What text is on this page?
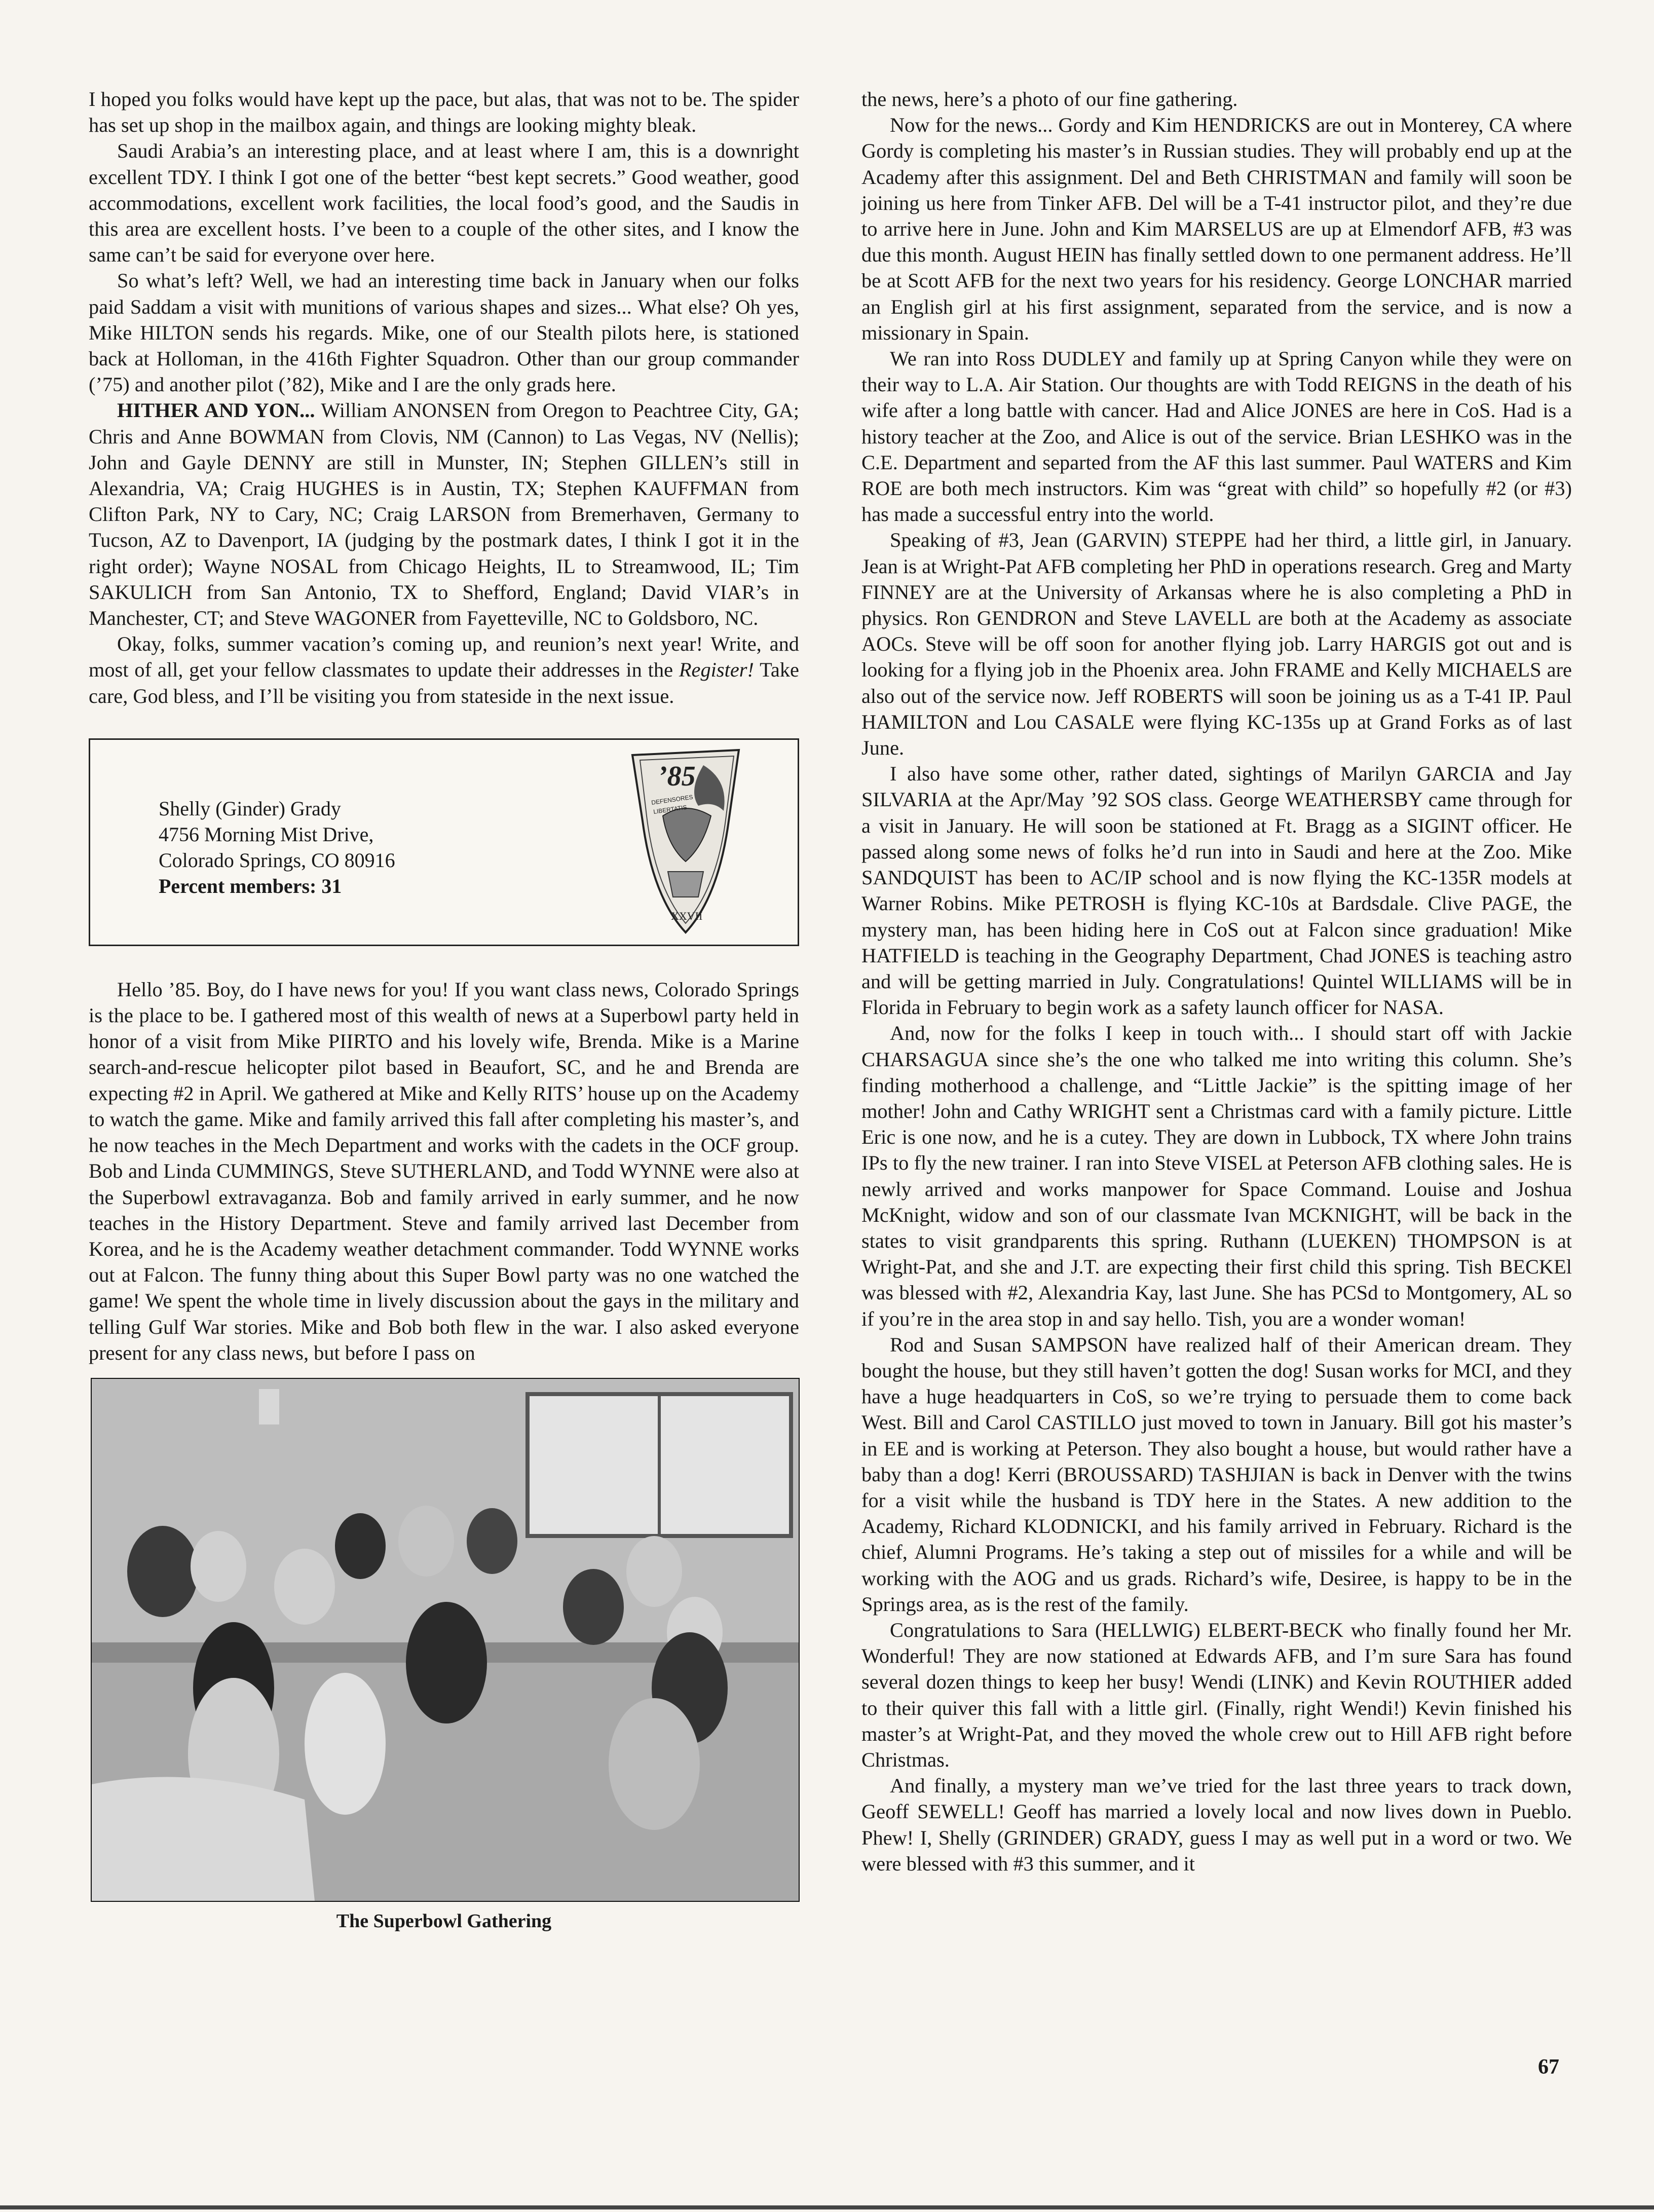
I hoped you folks would have kept up the pace, but alas, that was not to be. The spider has set up shop in the mailbox again, and things are looking mighty bleak.

Saudi Arabia’s an interesting place, and at least where I am, this is a downright excellent TDY. I think I got one of the better “best kept secrets.” Good weather, good accommodations, excellent work facilities, the local food’s good, and the Saudis in this area are excellent hosts. I’ve been to a couple of the other sites, and I know the same can’t be said for everyone over here.

So what’s left? Well, we had an interesting time back in January when our folks paid Saddam a visit with munitions of various shapes and sizes... What else? Oh yes, Mike HILTON sends his regards. Mike, one of our Stealth pilots here, is stationed back at Holloman, in the 416th Fighter Squadron. Other than our group commander (’75) and another pilot (’82), Mike and I are the only grads here.

HITHER AND YON... William ANONSEN from Oregon to Peachtree City, GA; Chris and Anne BOWMAN from Clovis, NM (Cannon) to Las Vegas, NV (Nellis); John and Gayle DENNY are still in Munster, IN; Stephen GILLEN’s still in Alexandria, VA; Craig HUGHES is in Austin, TX; Stephen KAUFFMAN from Clifton Park, NY to Cary, NC; Craig LARSON from Bremerhaven, Germany to Tucson, AZ to Davenport, IA (judging by the postmark dates, I think I got it in the right order); Wayne NOSAL from Chicago Heights, IL to Streamwood, IL; Tim SAKULICH from San Antonio, TX to Shefford, England; David VIAR’s in Manchester, CT; and Steve WAGONER from Fayetteville, NC to Goldsboro, NC.

Okay, folks, summer vacation’s coming up, and reunion’s next year! Write, and most of all, get your fellow classmates to update their addresses in the Register! Take care, God bless, and I’ll be visiting you from stateside in the next issue.

Shelly (Ginder) Grady
4756 Morning Mist Drive,
Colorado Springs, CO 80916
Percent members: 31
’85
DEFENSORES
LIBERTATIS
XXVII

Hello ’85. Boy, do I have news for you! If you want class news, Colorado Springs is the place to be. I gathered most of this wealth of news at a Superbowl party held in honor of a visit from Mike PIIRTO and his lovely wife, Brenda. Mike is a Marine search-and-rescue helicopter pilot based in Beaufort, SC, and he and Brenda are expecting #2 in April. We gathered at Mike and Kelly RITS’ house up on the Academy to watch the game. Mike and family arrived this fall after completing his master’s, and he now teaches in the Mech Department and works with the cadets in the OCF group. Bob and Linda CUMMINGS, Steve SUTHERLAND, and Todd WYNNE were also at the Superbowl extravaganza. Bob and family arrived in early summer, and he now teaches in the History Department. Steve and family arrived last December from Korea, and he is the Academy weather detachment commander. Todd WYNNE works out at Falcon. The funny thing about this Super Bowl party was no one watched the game! We spent the whole time in lively discussion about the gays in the military and telling Gulf War stories. Mike and Bob both flew in the war. I also asked everyone present for any class news, but before I pass on

The Superbowl Gathering

the news, here’s a photo of our fine gathering.

Now for the news... Gordy and Kim HENDRICKS are out in Monterey, CA where Gordy is completing his master’s in Russian studies. They will probably end up at the Academy after this assignment. Del and Beth CHRISTMAN and family will soon be joining us here from Tinker AFB. Del will be a T-41 instructor pilot, and they’re due to arrive here in June. John and Kim MARSELUS are up at Elmendorf AFB, #3 was due this month. August HEIN has finally settled down to one permanent address. He’ll be at Scott AFB for the next two years for his residency. George LONCHAR married an English girl at his first assignment, separated from the service, and is now a missionary in Spain.

We ran into Ross DUDLEY and family up at Spring Canyon while they were on their way to L.A. Air Station. Our thoughts are with Todd REIGNS in the death of his wife after a long battle with cancer. Had and Alice JONES are here in CoS. Had is a history teacher at the Zoo, and Alice is out of the service. Brian LESHKO was in the C.E. Department and separted from the AF this last summer. Paul WATERS and Kim ROE are both mech instructors. Kim was “great with child” so hopefully #2 (or #3) has made a successful entry into the world.

Speaking of #3, Jean (GARVIN) STEPPE had her third, a little girl, in January. Jean is at Wright-Pat AFB completing her PhD in operations research. Greg and Marty FINNEY are at the University of Arkansas where he is also completing a PhD in physics. Ron GENDRON and Steve LAVELL are both at the Academy as associate AOCs. Steve will be off soon for another flying job. Larry HARGIS got out and is looking for a flying job in the Phoenix area. John FRAME and Kelly MICHAELS are also out of the service now. Jeff ROBERTS will soon be joining us as a T-41 IP. Paul HAMILTON and Lou CASALE were flying KC-135s up at Grand Forks as of last June.

I also have some other, rather dated, sightings of Marilyn GARCIA and Jay SILVARIA at the Apr/May ’92 SOS class. George WEATHERSBY came through for a visit in January. He will soon be stationed at Ft. Bragg as a SIGINT officer. He passed along some news of folks he’d run into in Saudi and here at the Zoo. Mike SANDQUIST has been to AC/IP school and is now flying the KC-135R models at Warner Robins. Mike PETROSH is flying KC-10s at Bardsdale. Clive PAGE, the mystery man, has been hiding here in CoS out at Falcon since graduation! Mike HATFIELD is teaching in the Geography Department, Chad JONES is teaching astro and will be getting married in July. Congratulations! Quintel WILLIAMS will be in Florida in February to begin work as a safety launch officer for NASA.

And, now for the folks I keep in touch with... I should start off with Jackie CHARSAGUA since she’s the one who talked me into writing this column. She’s finding motherhood a challenge, and “Little Jackie” is the spitting image of her mother! John and Cathy WRIGHT sent a Christmas card with a family picture. Little Eric is one now, and he is a cutey. They are down in Lubbock, TX where John trains IPs to fly the new trainer. I ran into Steve VISEL at Peterson AFB clothing sales. He is newly arrived and works manpower for Space Command. Louise and Joshua McKnight, widow and son of our classmate Ivan MCKNIGHT, will be back in the states to visit grandparents this spring. Ruthann (LUEKEN) THOMPSON is at Wright-Pat, and she and J.T. are expecting their first child this spring. Tish BECKEl was blessed with #2, Alexandria Kay, last June. She has PCSd to Montgomery, AL so if you’re in the area stop in and say hello. Tish, you are a wonder woman!

Rod and Susan SAMPSON have realized half of their American dream. They bought the house, but they still haven’t gotten the dog! Susan works for MCI, and they have a huge headquarters in CoS, so we’re trying to persuade them to come back West. Bill and Carol CASTILLO just moved to town in January. Bill got his master’s in EE and is working at Peterson. They also bought a house, but would rather have a baby than a dog! Kerri (BROUSSARD) TASHJIAN is back in Denver with the twins for a visit while the husband is TDY here in the States. A new addition to the Academy, Richard KLODNICKI, and his family arrived in February. Richard is the chief, Alumni Programs. He’s taking a step out of missiles for a while and will be working with the AOG and us grads. Richard’s wife, Desiree, is happy to be in the Springs area, as is the rest of the family.

Congratulations to Sara (HELLWIG) ELBERT-BECK who finally found her Mr. Wonderful! They are now stationed at Edwards AFB, and I’m sure Sara has found several dozen things to keep her busy! Wendi (LINK) and Kevin ROUTHIER added to their quiver this fall with a little girl. (Finally, right Wendi!) Kevin finished his master’s at Wright-Pat, and they moved the whole crew out to Hill AFB right before Christmas.

And finally, a mystery man we’ve tried for the last three years to track down, Geoff SEWELL! Geoff has married a lovely local and now lives down in Pueblo. Phew! I, Shelly (GRINDER) GRADY, guess I may as well put in a word or two. We were blessed with #3 this summer, and it

67
